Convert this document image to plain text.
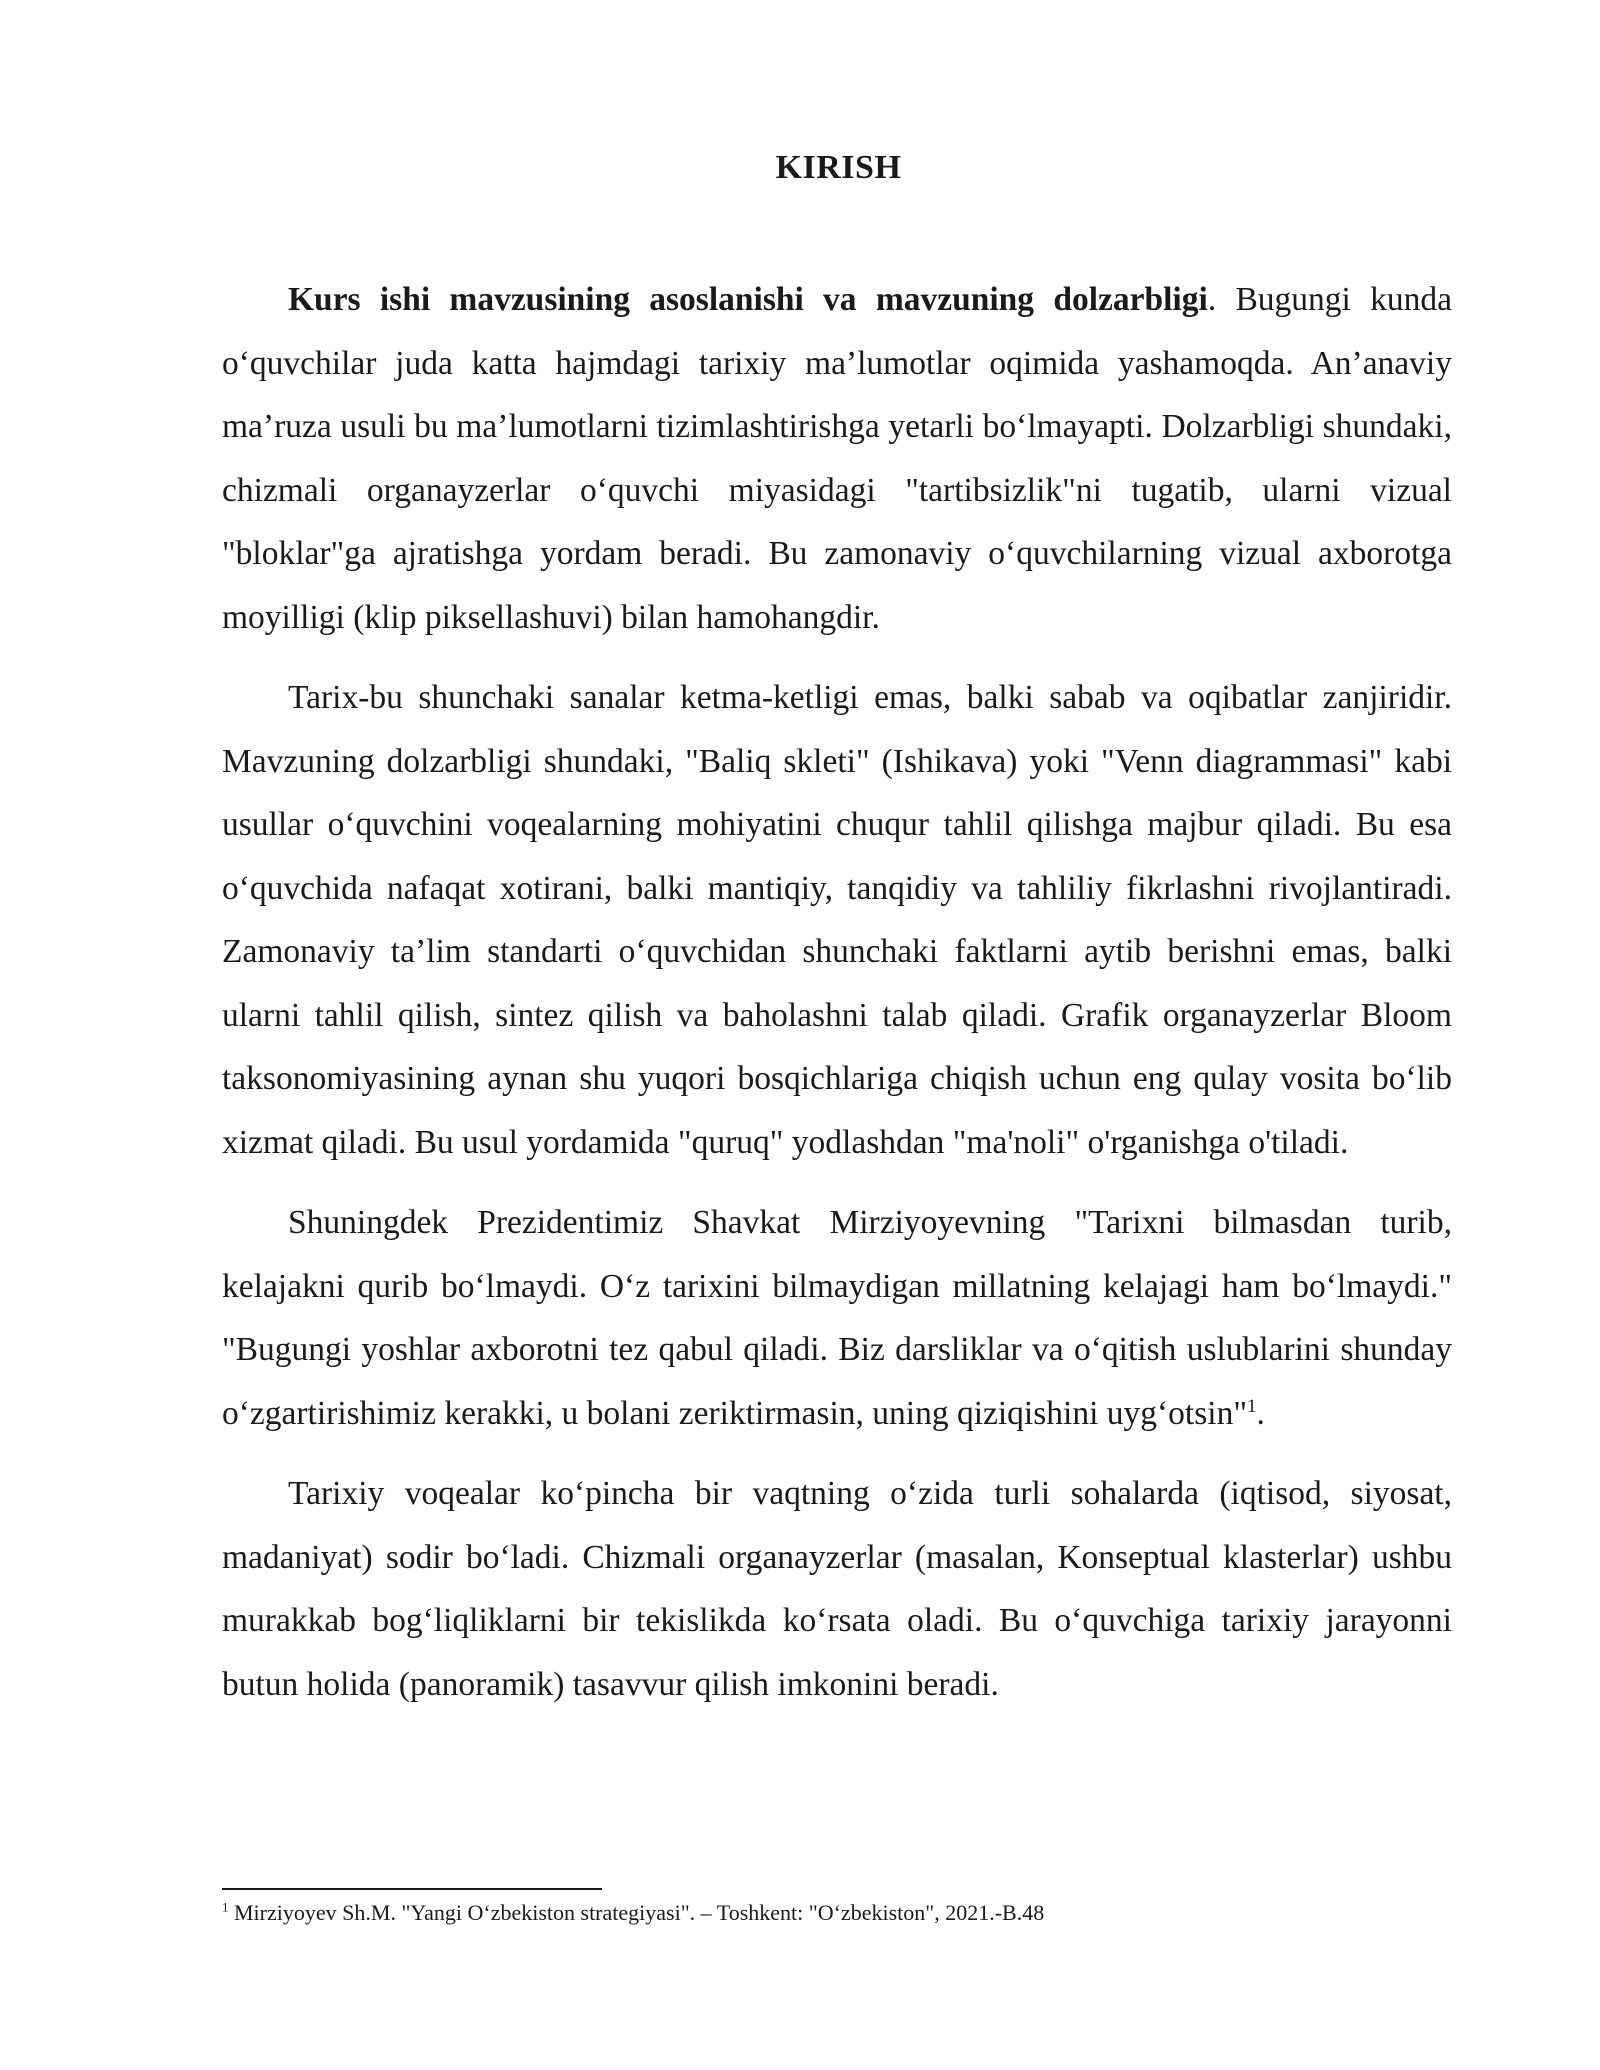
KIRISH

Kurs ishi mavzusining asoslanishi va mavzuning dolzarbligi. Bugungi kunda o‘quvchilar juda katta hajmdagi tarixiy ma’lumotlar oqimida yashamoqda. An’anaviy ma’ruza usuli bu ma’lumotlarni tizimlashtirishga yetarli bo‘lmayapti. Dolzarbligi shundaki, chizmali organayzerlar o‘quvchi miyasidagi "tartibsizlik"ni tugatib, ularni vizual "bloklar"ga ajratishga yordam beradi. Bu zamonaviy o‘quvchilarning vizual axborotga moyilligi (klip piksellashuvi) bilan hamohangdir.

Tarix-bu shunchaki sanalar ketma-ketligi emas, balki sabab va oqibatlar zanjiridir. Mavzuning dolzarbligi shundaki, "Baliq skleti" (Ishikava) yoki "Venn diagrammasi" kabi usullar o‘quvchini voqealarning mohiyatini chuqur tahlil qilishga majbur qiladi. Bu esa o‘quvchida nafaqat xotirani, balki mantiqiy, tanqidiy va tahliliy fikrlashni rivojlantiradi. Zamonaviy ta’lim standarti o‘quvchidan shunchaki faktlarni aytib berishni emas, balki ularni tahlil qilish, sintez qilish va baholashni talab qiladi. Grafik organayzerlar Bloom taksonomiyasining aynan shu yuqori bosqichlariga chiqish uchun eng qulay vosita bo‘lib xizmat qiladi. Bu usul yordamida "quruq" yodlashdan "ma'noli" o'rganishga o'tiladi.

Shuningdek Prezidentimiz Shavkat Mirziyoyevning "Tarixni bilmasdan turib, kelajakni qurib bo‘lmaydi. O‘z tarixini bilmaydigan millatning kelajagi ham bo‘lmaydi." "Bugungi yoshlar axborotni tez qabul qiladi. Biz darsliklar va o‘qitish uslublarini shunday o‘zgartirishimiz kerakki, u bolani zeriktirmasin, uning qiziqishini uyg‘otsin"$^1$.

Tarixiy voqealar ko‘pincha bir vaqtning o‘zida turli sohalarda (iqtisod, siyosat, madaniyat) sodir bo‘ladi. Chizmali organayzerlar (masalan, Konseptual klasterlar) ushbu murakkab bog‘liqliklarni bir tekislikda ko‘rsata oladi. Bu o‘quvchiga tarixiy jarayonni butun holida (panoramik) tasavvur qilish imkonini beradi.

$^1$ Mirziyoyev Sh.M. "Yangi O‘zbekiston strategiyasi". – Toshkent: "O‘zbekiston", 2021.-B.48
